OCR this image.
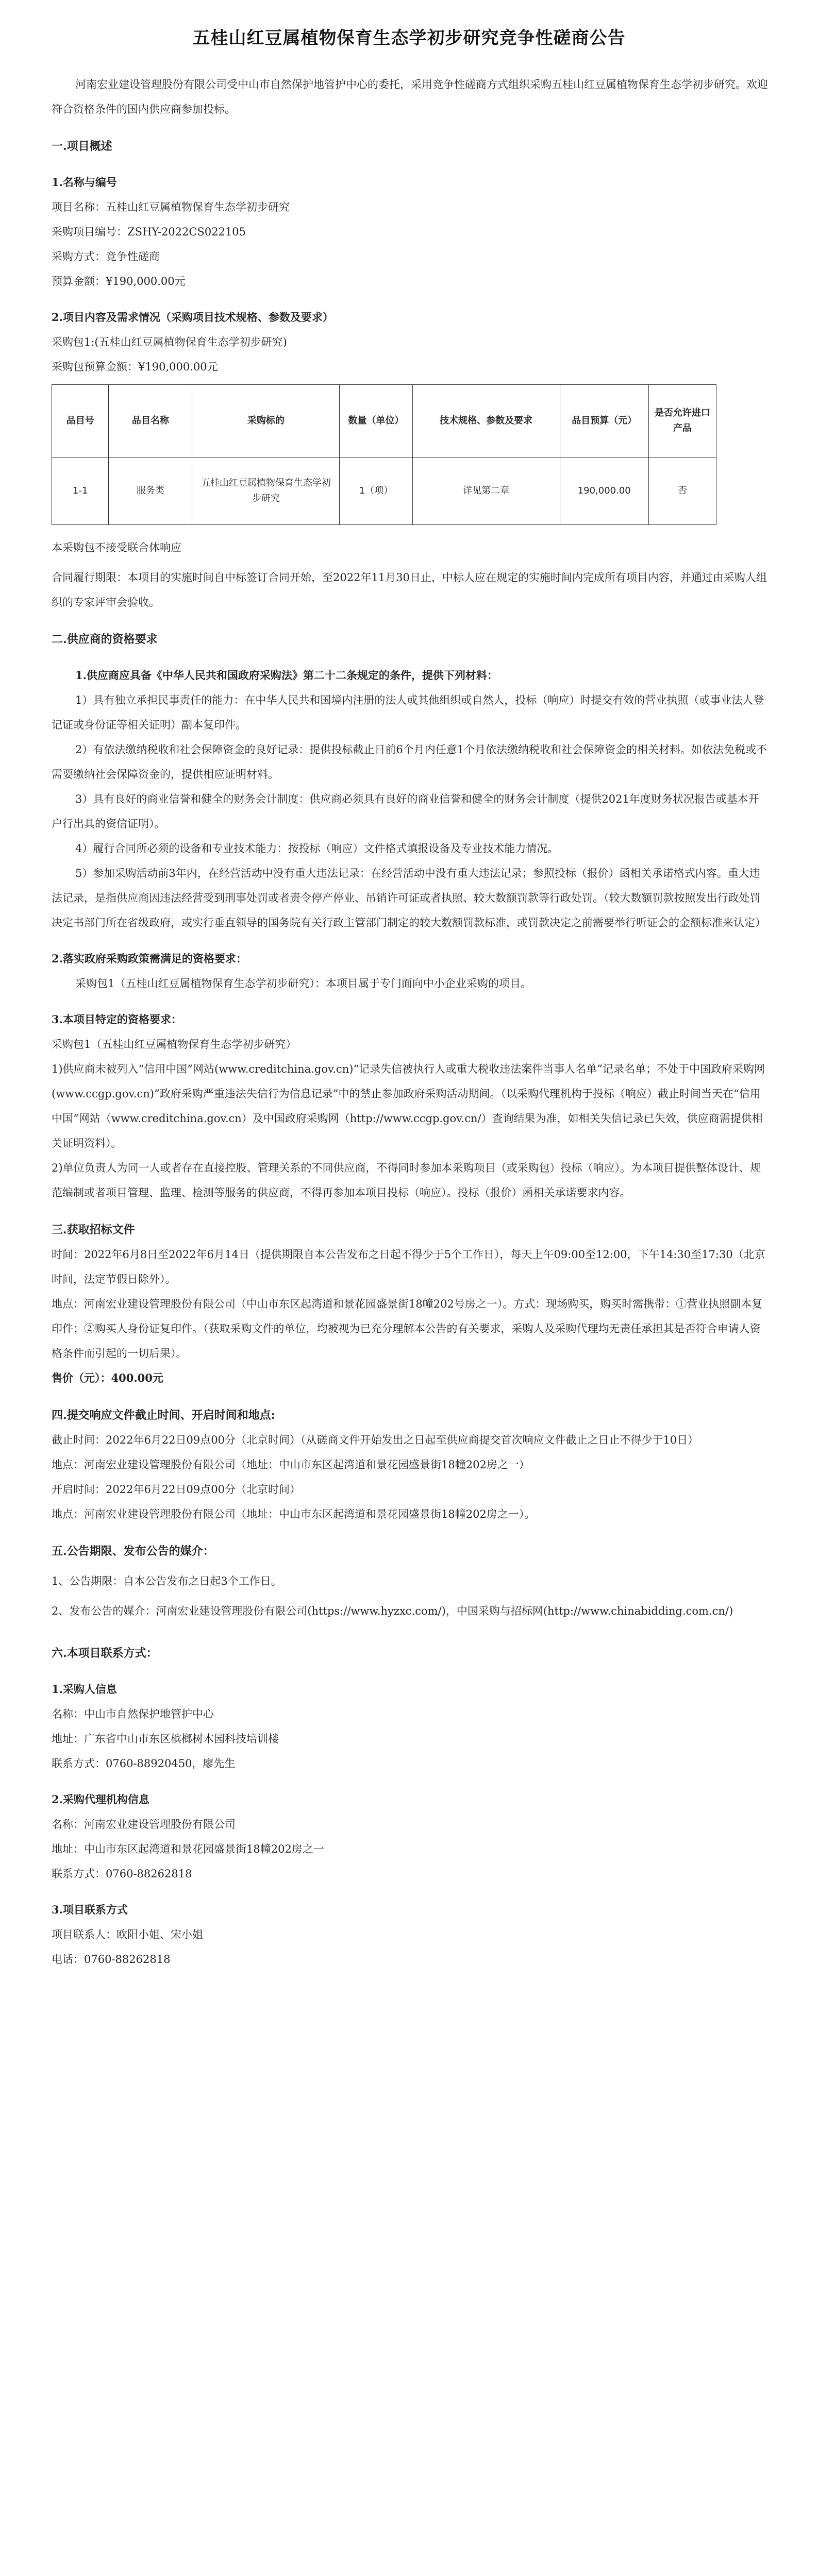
五桂山红豆属植物保育生态学初步研究竞争性磋商公告

河南宏业建设管理股份有限公司受中山市自然保护地管护中心的委托，采用竞争性磋商方式组织采购五桂山红豆属植物保育生态学初步研究。欢迎符合资格条件的国内供应商参加投标。

一.项目概述

1.名称与编号

项目名称：五桂山红豆属植物保育生态学初步研究

采购项目编号：ZSHY-2022CS022105

采购方式：竞争性磋商

预算金额：¥190,000.00元

2.项目内容及需求情况（采购项目技术规格、参数及要求）

采购包1:(五桂山红豆属植物保育生态学初步研究)

采购包预算金额：¥190,000.00元

品目号	品目名称	采购标的	数量（单位）	技术规格、参数及要求	品目预算（元）	是否允许进口产品
1-1	服务类	五桂山红豆属植物保育生态学初步研究	1（项）	详见第二章	190,000.00	否

本采购包不接受联合体响应

合同履行期限：本项目的实施时间自中标签订合同开始，至2022年11月30日止，中标人应在规定的实施时间内完成所有项目内容，并通过由采购人组织的专家评审会验收。

二.供应商的资格要求

1.供应商应具备《中华人民共和国政府采购法》第二十二条规定的条件，提供下列材料：

1）具有独立承担民事责任的能力：在中华人民共和国境内注册的法人或其他组织或自然人，投标（响应）时提交有效的营业执照（或事业法人登记证或身份证等相关证明）副本复印件。

2）有依法缴纳税收和社会保障资金的良好记录：提供投标截止日前6个月内任意1个月依法缴纳税收和社会保障资金的相关材料。如依法免税或不需要缴纳社会保障资金的，提供相应证明材料。

3）具有良好的商业信誉和健全的财务会计制度：供应商必须具有良好的商业信誉和健全的财务会计制度（提供2021年度财务状况报告或基本开户行出具的资信证明）。

4）履行合同所必须的设备和专业技术能力：按投标（响应）文件格式填报设备及专业技术能力情况。

5）参加采购活动前3年内，在经营活动中没有重大违法记录：在经营活动中没有重大违法记录；参照投标（报价）函相关承诺格式内容。重大违法记录，是指供应商因违法经营受到刑事处罚或者责令停产停业、吊销许可证或者执照、较大数额罚款等行政处罚。（较大数额罚款按照发出行政处罚决定书部门所在省级政府，或实行垂直领导的国务院有关行政主管部门制定的较大数额罚款标准，或罚款决定之前需要举行听证会的金额标准来认定）

2.落实政府采购政策需满足的资格要求：

采购包1（五桂山红豆属植物保育生态学初步研究）：本项目属于专门面向中小企业采购的项目。

3.本项目特定的资格要求：

采购包1（五桂山红豆属植物保育生态学初步研究）

1)供应商未被列入“信用中国”网站(www.creditchina.gov.cn)“记录失信被执行人或重大税收违法案件当事人名单”记录名单；不处于中国政府采购网(www.ccgp.gov.cn)“政府采购严重违法失信行为信息记录”中的禁止参加政府采购活动期间。（以采购代理机构于投标（响应）截止时间当天在“信用中国”网站（www.creditchina.gov.cn）及中国政府采购网（http://www.ccgp.gov.cn/）查询结果为准，如相关失信记录已失效，供应商需提供相关证明资料）。

2)单位负责人为同一人或者存在直接控股、管理关系的不同供应商，不得同时参加本采购项目（或采购包）投标（响应）。为本项目提供整体设计、规范编制或者项目管理、监理、检测等服务的供应商，不得再参加本项目投标（响应）。投标（报价）函相关承诺要求内容。

三.获取招标文件

时间：2022年6月8日至2022年6月14日（提供期限自本公告发布之日起不得少于5个工作日），每天上午09:00至12:00，下午14:30至17:30（北京时间，法定节假日除外）。

地点：河南宏业建设管理股份有限公司（中山市东区起湾道和景花园盛景街18幢202号房之一）。方式：现场购买，购买时需携带：①营业执照副本复印件；②购买人身份证复印件。（获取采购文件的单位，均被视为已充分理解本公告的有关要求，采购人及采购代理均无责任承担其是否符合申请人资格条件而引起的一切后果）。

售价（元）：400.00元

四.提交响应文件截止时间、开启时间和地点:

截止时间：2022年6月22日09点00分（北京时间）（从磋商文件开始发出之日起至供应商提交首次响应文件截止之日止不得少于10日）

地点：河南宏业建设管理股份有限公司（地址：中山市东区起湾道和景花园盛景街18幢202房之一）

开启时间：2022年6月22日09点00分（北京时间）

地点：河南宏业建设管理股份有限公司（地址：中山市东区起湾道和景花园盛景街18幢202房之一）。

五.公告期限、发布公告的媒介：

1、公告期限：自本公告发布之日起3个工作日。

2、发布公告的媒介：河南宏业建设管理股份有限公司(https://www.hyzxc.com/)，中国采购与招标网(http://www.chinabidding.com.cn/)

六.本项目联系方式：

1.采购人信息

名称：中山市自然保护地管护中心

地址：广东省中山市东区槟榔树木园科技培训楼

联系方式：0760-88920450，廖先生

2.采购代理机构信息

名称：河南宏业建设管理股份有限公司

地址：中山市东区起湾道和景花园盛景街18幢202房之一

联系方式：0760-88262818

3.项目联系方式

项目联系人：欧阳小姐、宋小姐

电话：0760-88262818
